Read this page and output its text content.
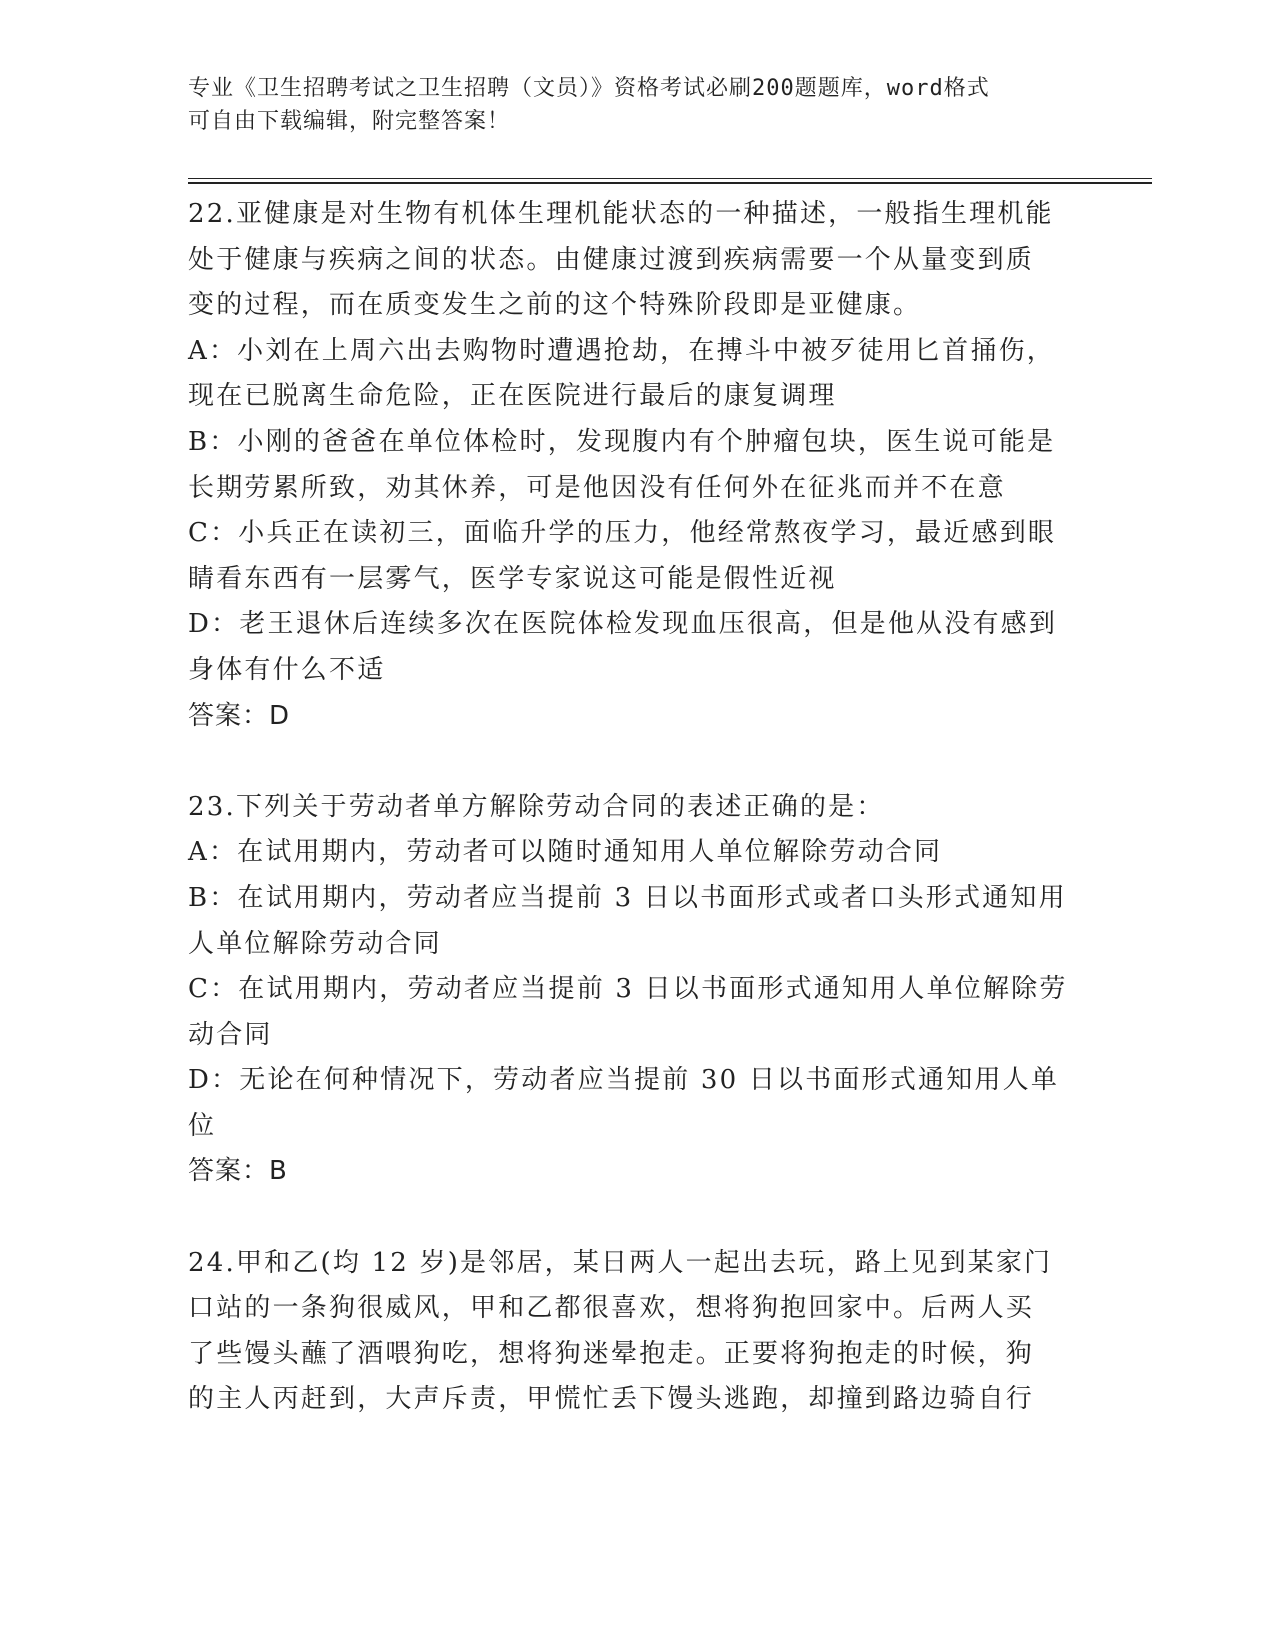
专业《卫生招聘考试之卫生招聘（文员）》资格考试必刷200题题库，word格式
可自由下载编辑，附完整答案！
22.亚健康是对生物有机体生理机能状态的一种描述，一般指生理机能
处于健康与疾病之间的状态。由健康过渡到疾病需要一个从量变到质
变的过程，而在质变发生之前的这个特殊阶段即是亚健康。
A：小刘在上周六出去购物时遭遇抢劫，在搏斗中被歹徒用匕首捅伤，
现在已脱离生命危险，正在医院进行最后的康复调理
B：小刚的爸爸在单位体检时，发现腹内有个肿瘤包块，医生说可能是
长期劳累所致，劝其休养，可是他因没有任何外在征兆而并不在意
C：小兵正在读初三，面临升学的压力，他经常熬夜学习，最近感到眼
睛看东西有一层雾气，医学专家说这可能是假性近视
D：老王退休后连续多次在医院体检发现血压很高，但是他从没有感到
身体有什么不适
答案：D
23.下列关于劳动者单方解除劳动合同的表述正确的是：
A：在试用期内，劳动者可以随时通知用人单位解除劳动合同
B：在试用期内，劳动者应当提前 3 日以书面形式或者口头形式通知用
人单位解除劳动合同
C：在试用期内，劳动者应当提前 3 日以书面形式通知用人单位解除劳
动合同
D：无论在何种情况下，劳动者应当提前 30 日以书面形式通知用人单
位
答案：B
24.甲和乙(均 12 岁)是邻居，某日两人一起出去玩，路上见到某家门
口站的一条狗很威风，甲和乙都很喜欢，想将狗抱回家中。后两人买
了些馒头蘸了酒喂狗吃，想将狗迷晕抱走。正要将狗抱走的时候，狗
的主人丙赶到，大声斥责，甲慌忙丢下馒头逃跑，却撞到路边骑自行
